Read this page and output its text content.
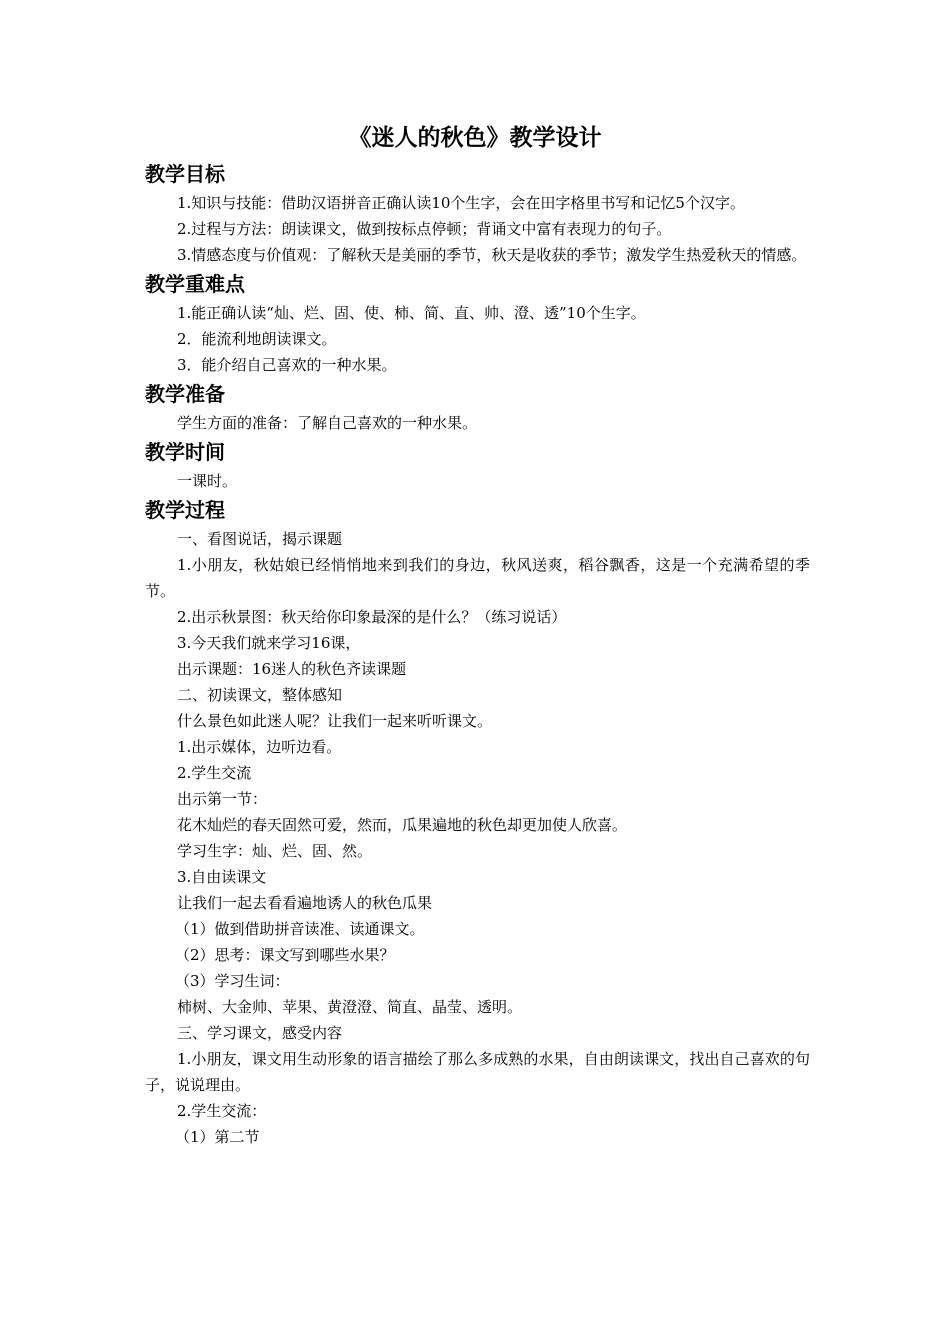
《迷人的秋色》教学设计
教学目标

1.知识与技能：借助汉语拼音正确认读10个生字，会在田字格里书写和记忆5个汉字。

2.过程与方法：朗读课文，做到按标点停顿；背诵文中富有表现力的句子。

3.情感态度与价值观：了解秋天是美丽的季节，秋天是收获的季节；激发学生热爱秋天的情感。

教学重难点

1.能正确认读“灿、烂、固、使、柿、简、直、帅、澄、透”10个生字。

2．能流利地朗读课文。

3．能介绍自己喜欢的一种水果。

教学准备

学生方面的准备：了解自己喜欢的一种水果。

教学时间

一课时。

教学过程

一、看图说话，揭示课题

1.小朋友，秋姑娘已经悄悄地来到我们的身边，秋风送爽，稻谷飘香，这是一个充满希望的季节。

2.出示秋景图：秋天给你印象最深的是什么？（练习说话）

3.今天我们就来学习16课，

出示课题：16迷人的秋色齐读课题

二、初读课文，整体感知

什么景色如此迷人呢？让我们一起来听听课文。

1.出示媒体，边听边看。

2.学生交流

出示第一节：

花木灿烂的春天固然可爱，然而，瓜果遍地的秋色却更加使人欣喜。

学习生字：灿、烂、固、然。

3.自由读课文

让我们一起去看看遍地诱人的秋色瓜果

（1）做到借助拼音读准、读通课文。

（2）思考：课文写到哪些水果？

（3）学习生词：

柿树、大金帅、苹果、黄澄澄、简直、晶莹、透明。

三、学习课文，感受内容

1.小朋友，课文用生动形象的语言描绘了那么多成熟的水果，自由朗读课文，找出自己喜欢的句子，说说理由。

2.学生交流：

（1）第二节
